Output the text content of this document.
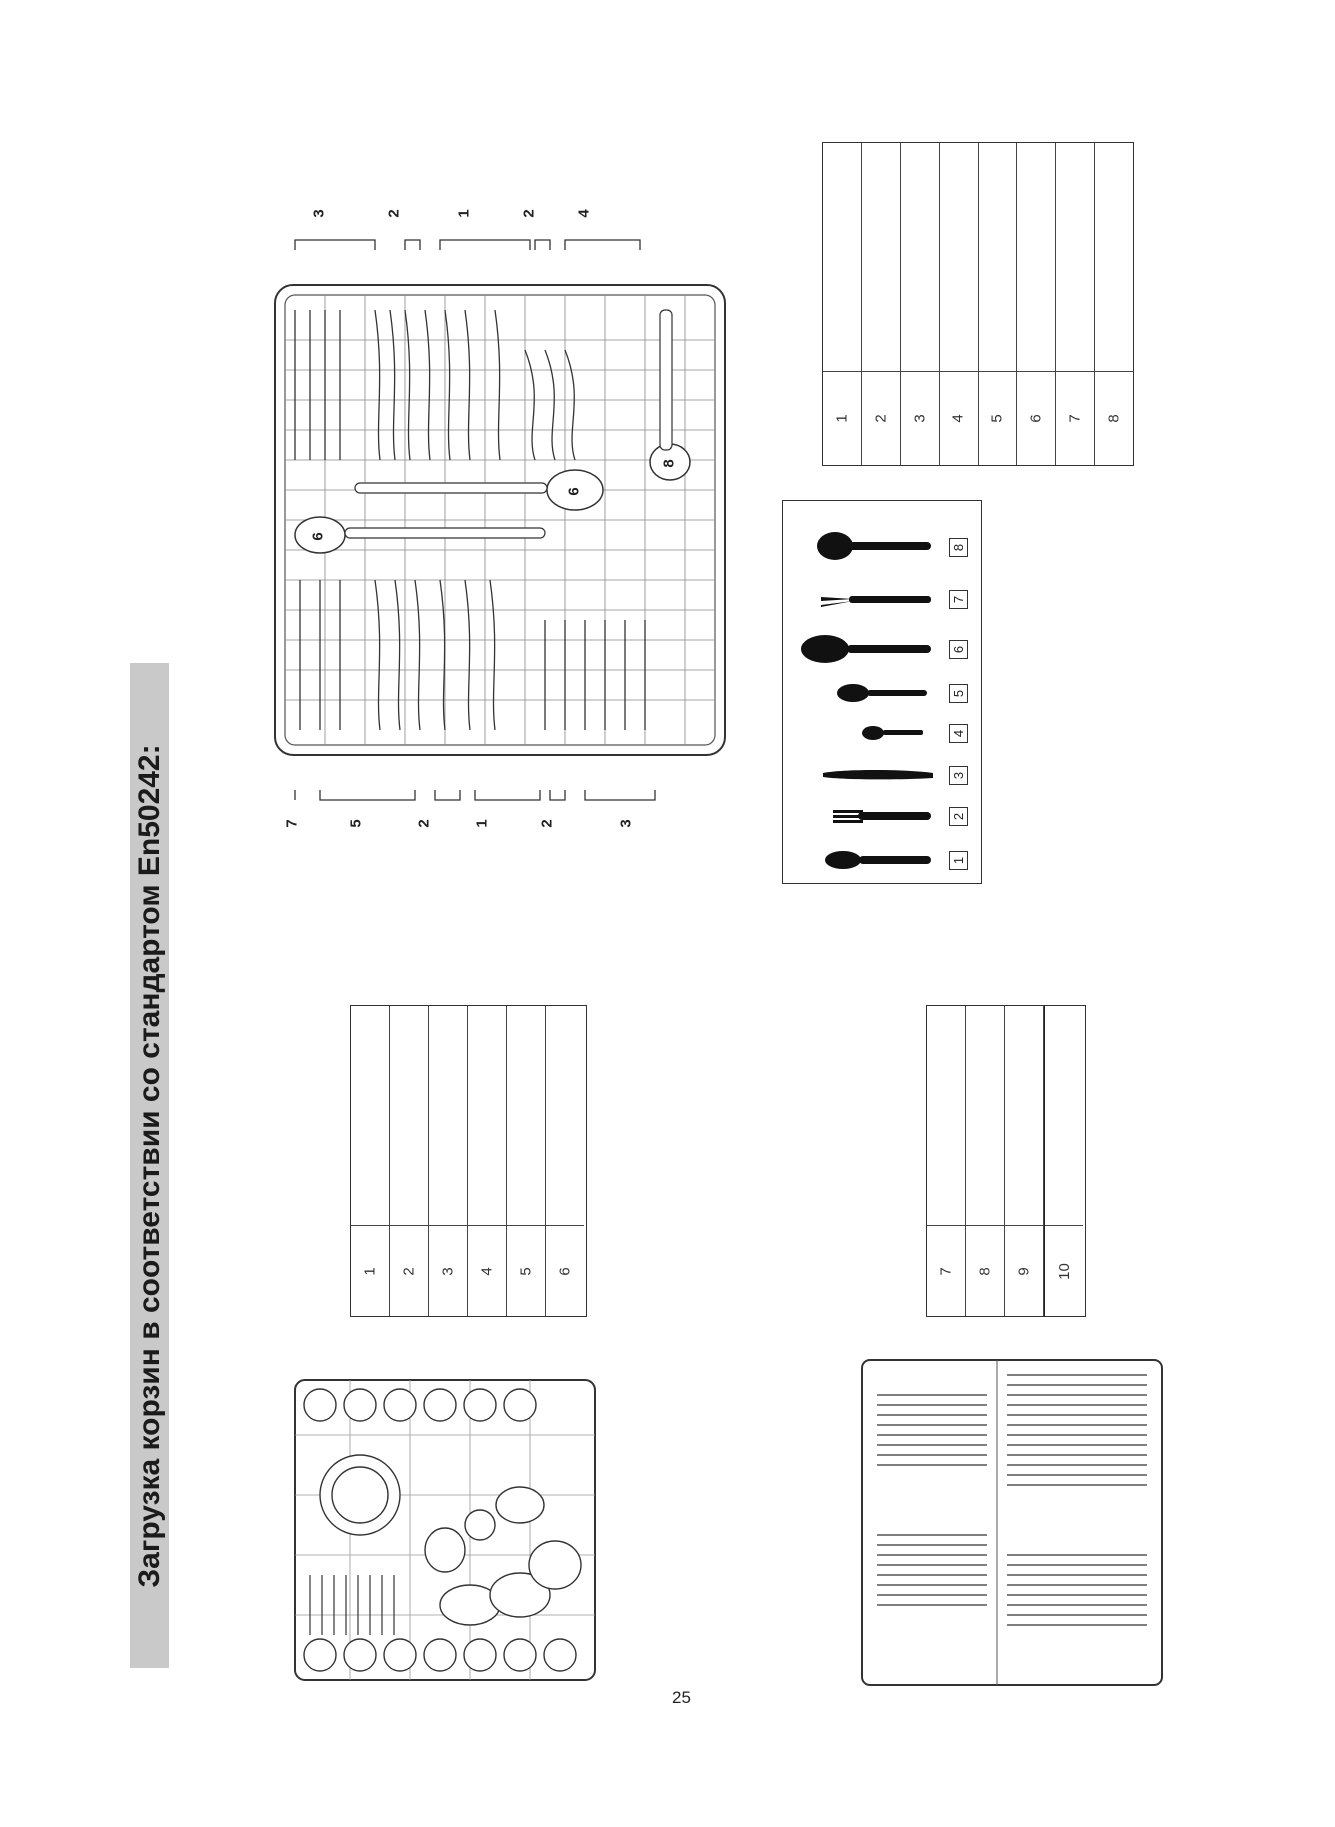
Загрузка корзин в соответствии со стандартом En50242:
3	2	1	2	4
7	5	2	1	2	3
6
6
8
1 2 3 4 5 6 7 8
8
7
6
5
4
3
2
1
1 2 3 4 5 6	7 8 9 10
25
